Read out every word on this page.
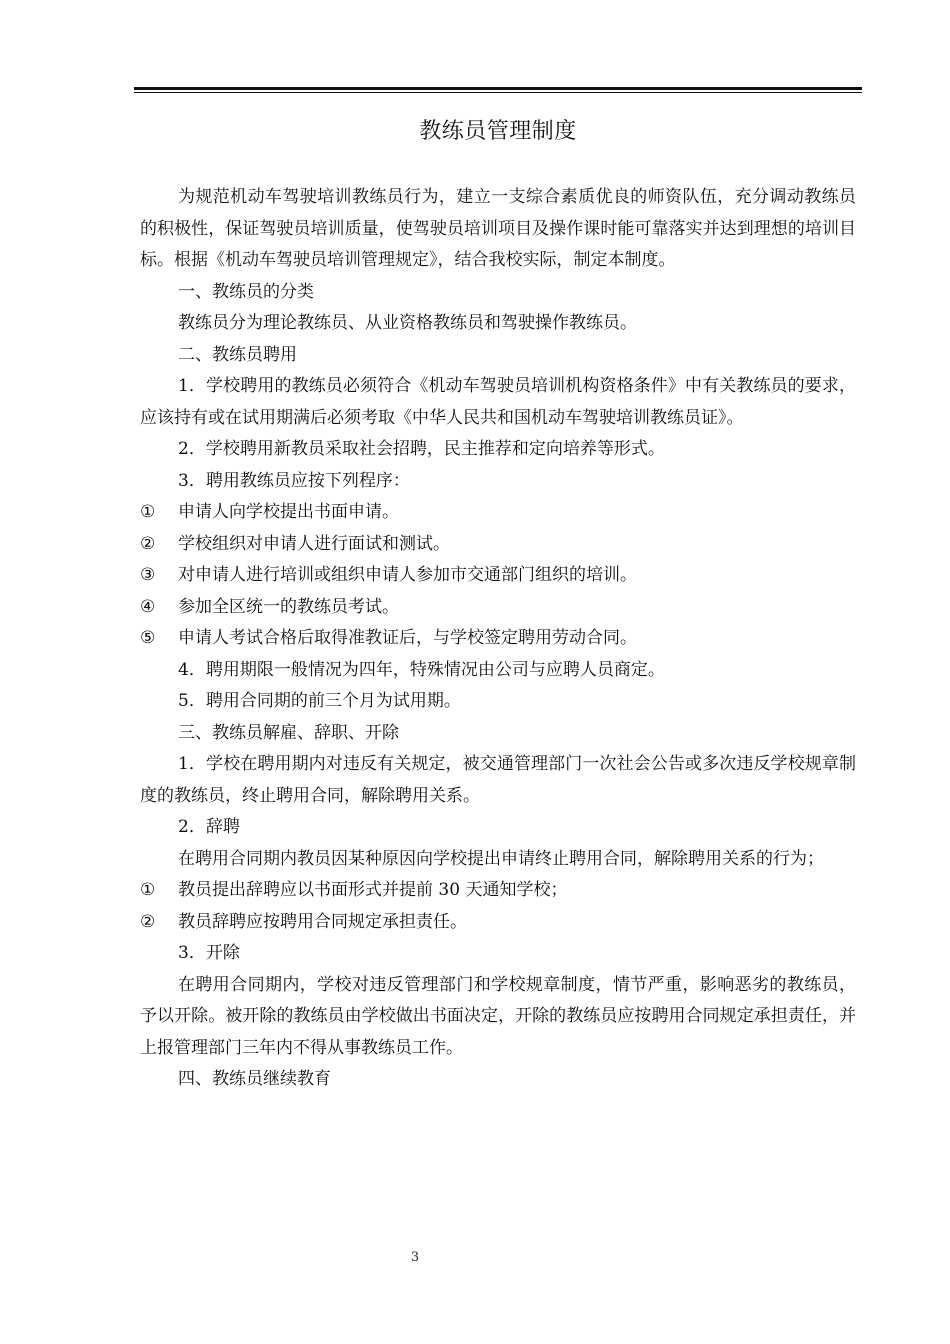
教练员管理制度

为规范机动车驾驶培训教练员行为，建立一支综合素质优良的师资队伍，充分调动教练员的积极性，保证驾驶员培训质量，使驾驶员培训项目及操作课时能可靠落实并达到理想的培训目标。根据《机动车驾驶员培训管理规定》，结合我校实际，制定本制度。

一、教练员的分类

教练员分为理论教练员、从业资格教练员和驾驶操作教练员。

二、教练员聘用

1．学校聘用的教练员必须符合《机动车驾驶员培训机构资格条件》中有关教练员的要求，应该持有或在试用期满后必须考取《中华人民共和国机动车驾驶培训教练员证》。

2．学校聘用新教员采取社会招聘，民主推荐和定向培养等形式。

3．聘用教练员应按下列程序：

① 申请人向学校提出书面申请。

② 学校组织对申请人进行面试和测试。

③ 对申请人进行培训或组织申请人参加市交通部门组织的培训。

④ 参加全区统一的教练员考试。

⑤ 申请人考试合格后取得准教证后，与学校签定聘用劳动合同。

4．聘用期限一般情况为四年，特殊情况由公司与应聘人员商定。

5．聘用合同期的前三个月为试用期。

三、教练员解雇、辞职、开除

1．学校在聘用期内对违反有关规定，被交通管理部门一次社会公告或多次违反学校规章制度的教练员，终止聘用合同，解除聘用关系。

2．辞聘

在聘用合同期内教员因某种原因向学校提出申请终止聘用合同，解除聘用关系的行为；

① 教员提出辞聘应以书面形式并提前 30 天通知学校；

② 教员辞聘应按聘用合同规定承担责任。

3．开除

在聘用合同期内，学校对违反管理部门和学校规章制度，情节严重，影响恶劣的教练员，予以开除。被开除的教练员由学校做出书面决定，开除的教练员应按聘用合同规定承担责任，并上报管理部门三年内不得从事教练员工作。

四、教练员继续教育

3
